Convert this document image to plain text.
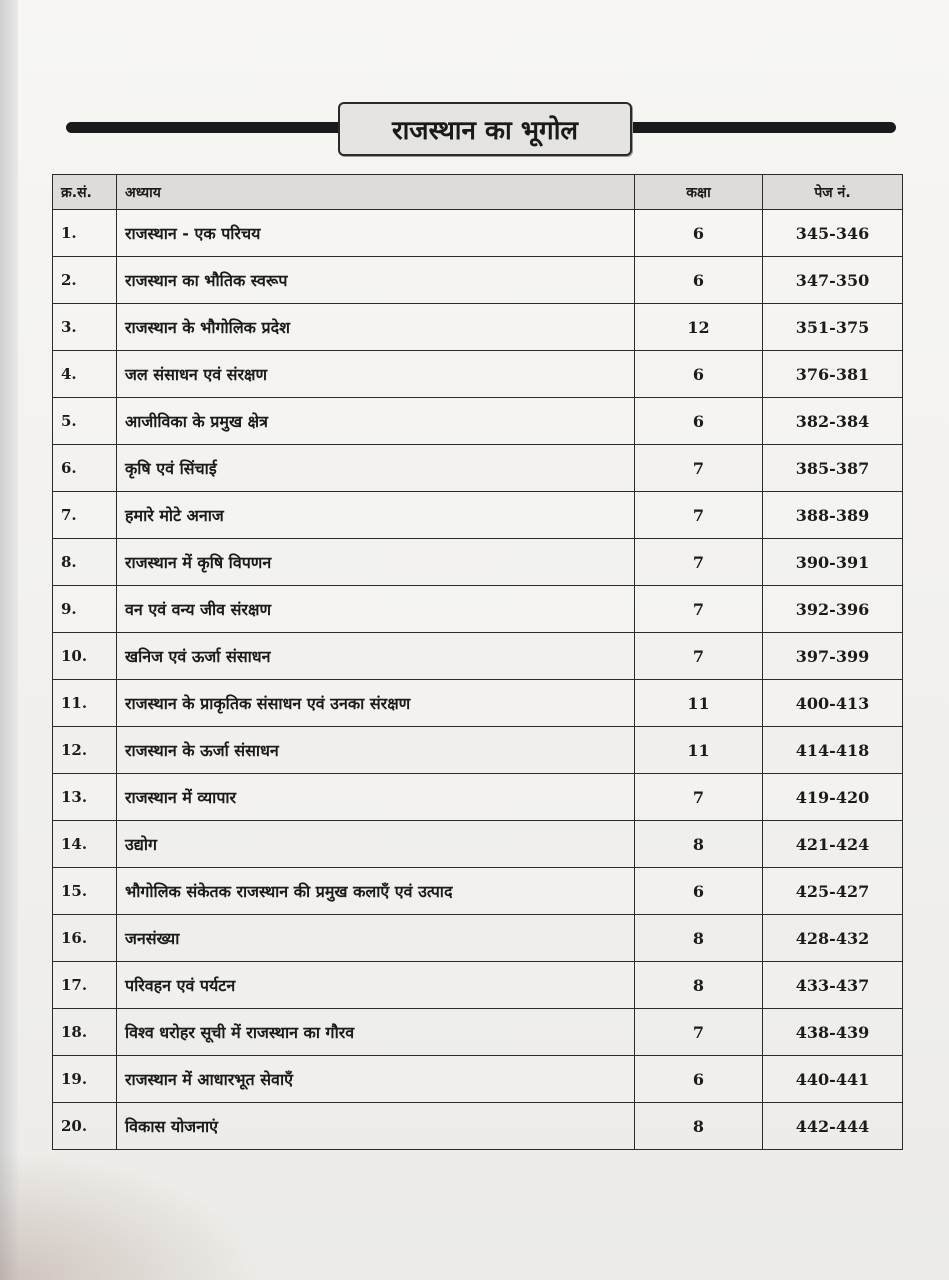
राजस्थान का भूगोल
क्र.सं.	अध्याय	कक्षा	पेज नं.
1.	राजस्थान - एक परिचय	6	345-346
2.	राजस्थान का भौतिक स्वरूप	6	347-350
3.	राजस्थान के भौगोलिक प्रदेश	12	351-375
4.	जल संसाधन एवं संरक्षण	6	376-381
5.	आजीविका के प्रमुख क्षेत्र	6	382-384
6.	कृषि एवं सिंचाई	7	385-387
7.	हमारे मोटे अनाज	7	388-389
8.	राजस्थान में कृषि विपणन	7	390-391
9.	वन एवं वन्य जीव संरक्षण	7	392-396
10.	खनिज एवं ऊर्जा संसाधन	7	397-399
11.	राजस्थान के प्राकृतिक संसाधन एवं उनका संरक्षण	11	400-413
12.	राजस्थान के ऊर्जा संसाधन	11	414-418
13.	राजस्थान में व्यापार	7	419-420
14.	उद्योग	8	421-424
15.	भौगोलिक संकेतक राजस्थान की प्रमुख कलाएँ एवं उत्पाद	6	425-427
16.	जनसंख्या	8	428-432
17.	परिवहन एवं पर्यटन	8	433-437
18.	विश्व धरोहर सूची में राजस्थान का गौरव	7	438-439
19.	राजस्थान में आधारभूत सेवाएँ	6	440-441
20.	विकास योजनाएं	8	442-444
